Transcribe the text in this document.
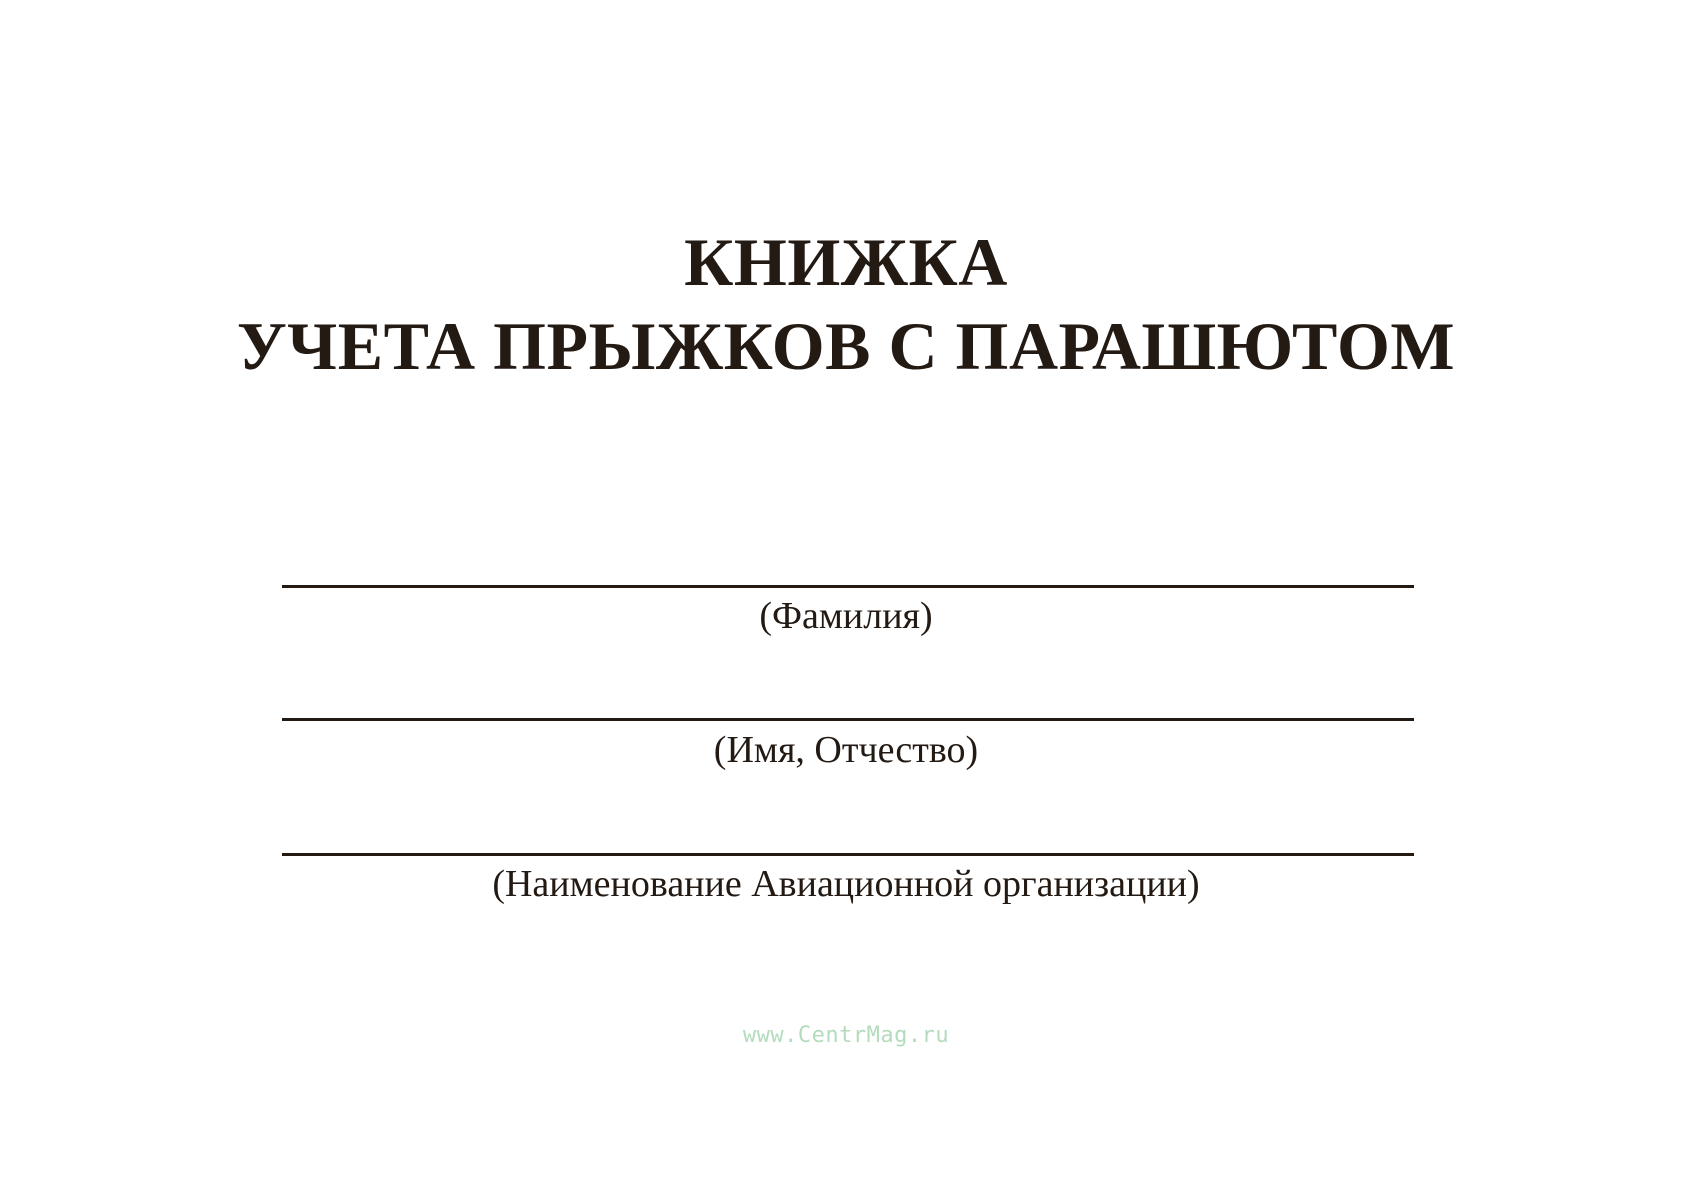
КНИЖКА
УЧЕТА ПРЫЖКОВ С ПАРАШЮТОМ
(Фамилия)
(Имя, Отчество)
(Наименование Авиационной организации)
www.CentrMag.ru
